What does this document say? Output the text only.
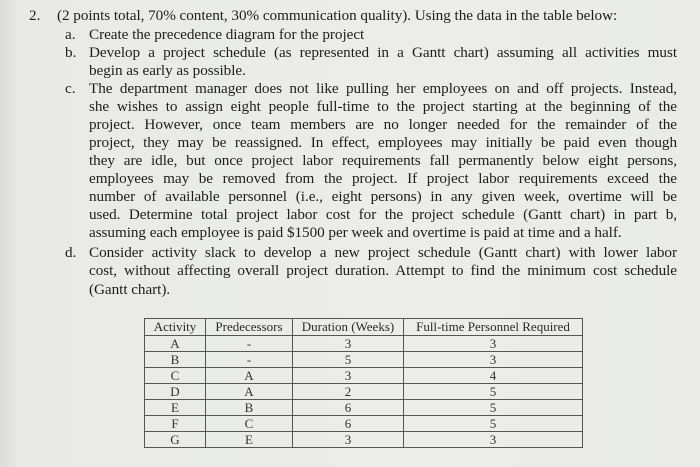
2. (2 points total, 70% content, 30% communication quality). Using the data in the table below:
a. Create the precedence diagram for the project
b. Develop a project schedule (as represented in a Gantt chart) assuming all activities must
begin as early as possible.
c. The department manager does not like pulling her employees on and off projects. Instead,
she wishes to assign eight people full-time to the project starting at the beginning of the
project. However, once team members are no longer needed for the remainder of the
project, they may be reassigned. In effect, employees may initially be paid even though
they are idle, but once project labor requirements fall permanently below eight persons,
employees may be removed from the project. If project labor requirements exceed the
number of available personnel (i.e., eight persons) in any given week, overtime will be
used. Determine total project labor cost for the project schedule (Gantt chart) in part b,
assuming each employee is paid $1500 per week and overtime is paid at time and a half.
d. Consider activity slack to develop a new project schedule (Gantt chart) with lower labor
cost, without affecting overall project duration. Attempt to find the minimum cost schedule
(Gantt chart).
Activity	Predecessors	Duration (Weeks)	Full-time Personnel Required
A	-	3	3
B	-	5	3
C	A	3	4
D	A	2	5
E	B	6	5
F	C	6	5
G	E	3	3
